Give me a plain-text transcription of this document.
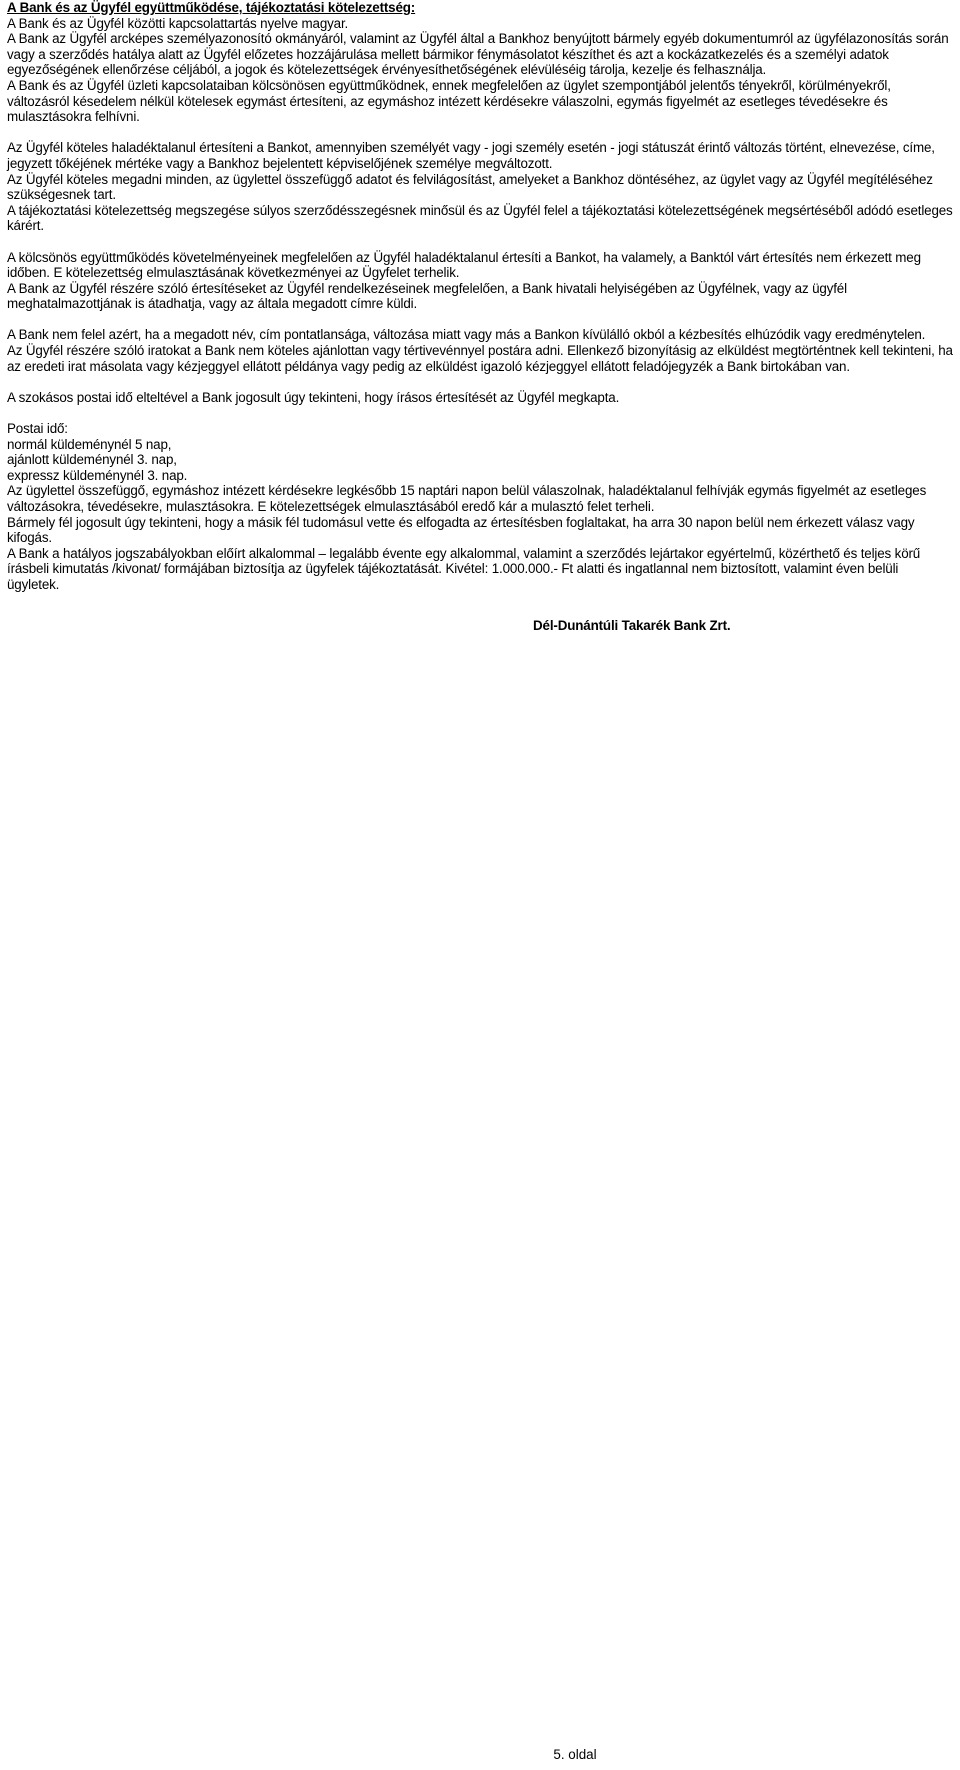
A Bank és az Ügyfél együttműködése, tájékoztatási kötelezettség:

A Bank és az Ügyfél közötti kapcsolattartás nyelve magyar.

A Bank az Ügyfél arcképes személyazonosító okmányáról, valamint az Ügyfél által a Bankhoz benyújtott bármely egyéb dokumentumról az ügyfélazonosítás során vagy a szerződés hatálya alatt az Ügyfél előzetes hozzájárulása mellett bármikor fénymásolatot készíthet és azt a kockázatkezelés és a személyi adatok egyezőségének ellenőrzése céljából, a jogok és kötelezettségek érvényesíthetőségének elévüléséig tárolja, kezelje és felhasználja.

A Bank és az Ügyfél üzleti kapcsolataiban kölcsönösen együttműködnek, ennek megfelelően az ügylet szempontjából jelentős tényekről, körülményekről, változásról késedelem nélkül kötelesek egymást értesíteni, az egymáshoz intézett kérdésekre válaszolni, egymás figyelmét az esetleges tévedésekre és mulasztásokra felhívni.

Az Ügyfél köteles haladéktalanul értesíteni a Bankot, amennyiben személyét vagy - jogi személy esetén - jogi státuszát érintő változás történt, elnevezése, címe, jegyzett tőkéjének mértéke vagy a Bankhoz bejelentett képviselőjének személye megváltozott.

Az Ügyfél köteles megadni minden, az ügylettel összefüggő adatot és felvilágosítást, amelyeket a Bankhoz döntéséhez, az ügylet vagy az Ügyfél megítéléséhez szükségesnek tart.

A tájékoztatási kötelezettség megszegése súlyos szerződésszegésnek minősül és az Ügyfél felel a tájékoztatási kötelezettségének megsértéséből adódó esetleges kárért.

A kölcsönös együttműködés követelményeinek megfelelően az Ügyfél haladéktalanul értesíti a Bankot, ha valamely, a Banktól várt értesítés nem érkezett meg időben. E kötelezettség elmulasztásának következményei az Ügyfelet terhelik.

A Bank az Ügyfél részére szóló értesítéseket az Ügyfél rendelkezéseinek megfelelően, a Bank hivatali helyiségében az Ügyfélnek, vagy az ügyfél meghatalmazottjának is átadhatja, vagy az általa megadott címre küldi.

A Bank nem felel azért, ha a megadott név, cím pontatlansága, változása miatt vagy más a Bankon kívülálló okból a kézbesítés elhúzódik vagy eredménytelen.

Az Ügyfél részére szóló iratokat a Bank nem köteles ajánlottan vagy tértivevénnyel postára adni. Ellenkező bizonyításig az elküldést megtörténtnek kell tekinteni, ha az eredeti irat másolata vagy kézjeggyel ellátott példánya vagy pedig az elküldést igazoló kézjeggyel ellátott feladójegyzék a Bank birtokában van.

A szokásos postai idő elteltével a Bank jogosult úgy tekinteni, hogy írásos értesítését az Ügyfél megkapta.

Postai idő:

normál küldeménynél 5 nap,

ajánlott küldeménynél 3. nap,

expressz küldeménynél 3. nap.

Az ügylettel összefüggő, egymáshoz intézett kérdésekre legkésőbb 15 naptári napon belül válaszolnak, haladéktalanul felhívják egymás figyelmét az esetleges változásokra, tévedésekre, mulasztásokra. E kötelezettségek elmulasztásából eredő kár a mulasztó felet terheli.

Bármely fél jogosult úgy tekinteni, hogy a másik fél tudomásul vette és elfogadta az értesítésben foglaltakat, ha arra 30 napon belül nem érkezett válasz vagy kifogás.

A Bank a hatályos jogszabályokban előírt alkalommal – legalább évente egy alkalommal, valamint a szerződés lejártakor egyértelmű, közérthető és teljes körű írásbeli kimutatás /kivonat/ formájában biztosítja az ügyfelek tájékoztatását. Kivétel: 1.000.000.- Ft alatti és ingatlannal nem biztosított, valamint éven belüli ügyletek.

Dél-Dunántúli Takarék Bank Zrt.

5. oldal
